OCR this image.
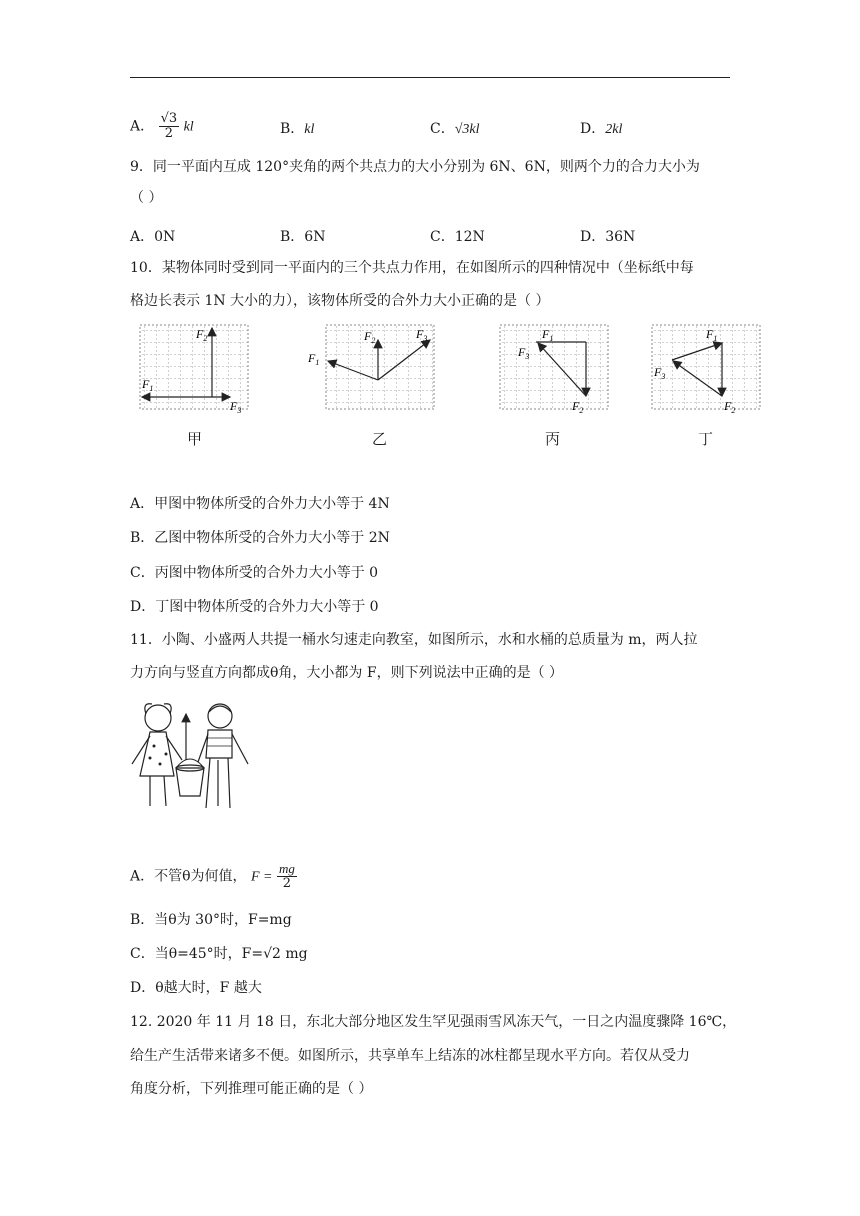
A． $\frac{√3}{2}$ kl	B．kl	C．√3kl	D．2kl
9．同一平面内互成 120°夹角的两个共点力的大小分别为 6N、6N，则两个力的合力大小为
（ ）
A．0N	B．6N	C．12N	D．36N
10．某物体同时受到同一平面内的三个共点力作用，在如图所示的四种情况中（坐标纸中每
格边长表示 1N 大小的力），该物体所受的合外力大小正确的是（ ）
$F_2$
$F_1$
$F_3$
$F_2$
$F_1$
$F_3$	$F_1$
$F_3$
$F_2$
$F_1$
$F_3$
$F_2$
甲	乙	丙	丁
A．甲图中物体所受的合外力大小等于 4N
B．乙图中物体所受的合外力大小等于 2N
C．丙图中物体所受的合外力大小等于 0
D．丁图中物体所受的合外力大小等于 0
11．小陶、小盛两人共提一桶水匀速走向教室，如图所示，水和水桶的总质量为 m，两人拉
力方向与竖直方向都成θ角，大小都为 F，则下列说法中正确的是（ ）
A．不管θ为何值， $F = \frac{mg}{2}$
B．当θ为 30°时，F=mg
C．当θ=45°时，F=√2 mg
D．θ越大时，F 越大
12. 2020 年 11 月 18 日，东北大部分地区发生罕见强雨雪风冻天气，一日之内温度骤降 16℃，
给生产生活带来诸多不便。如图所示，共享单车上结冻的冰柱都呈现水平方向。若仅从受力
角度分析，下列推理可能正确的是（ ）
